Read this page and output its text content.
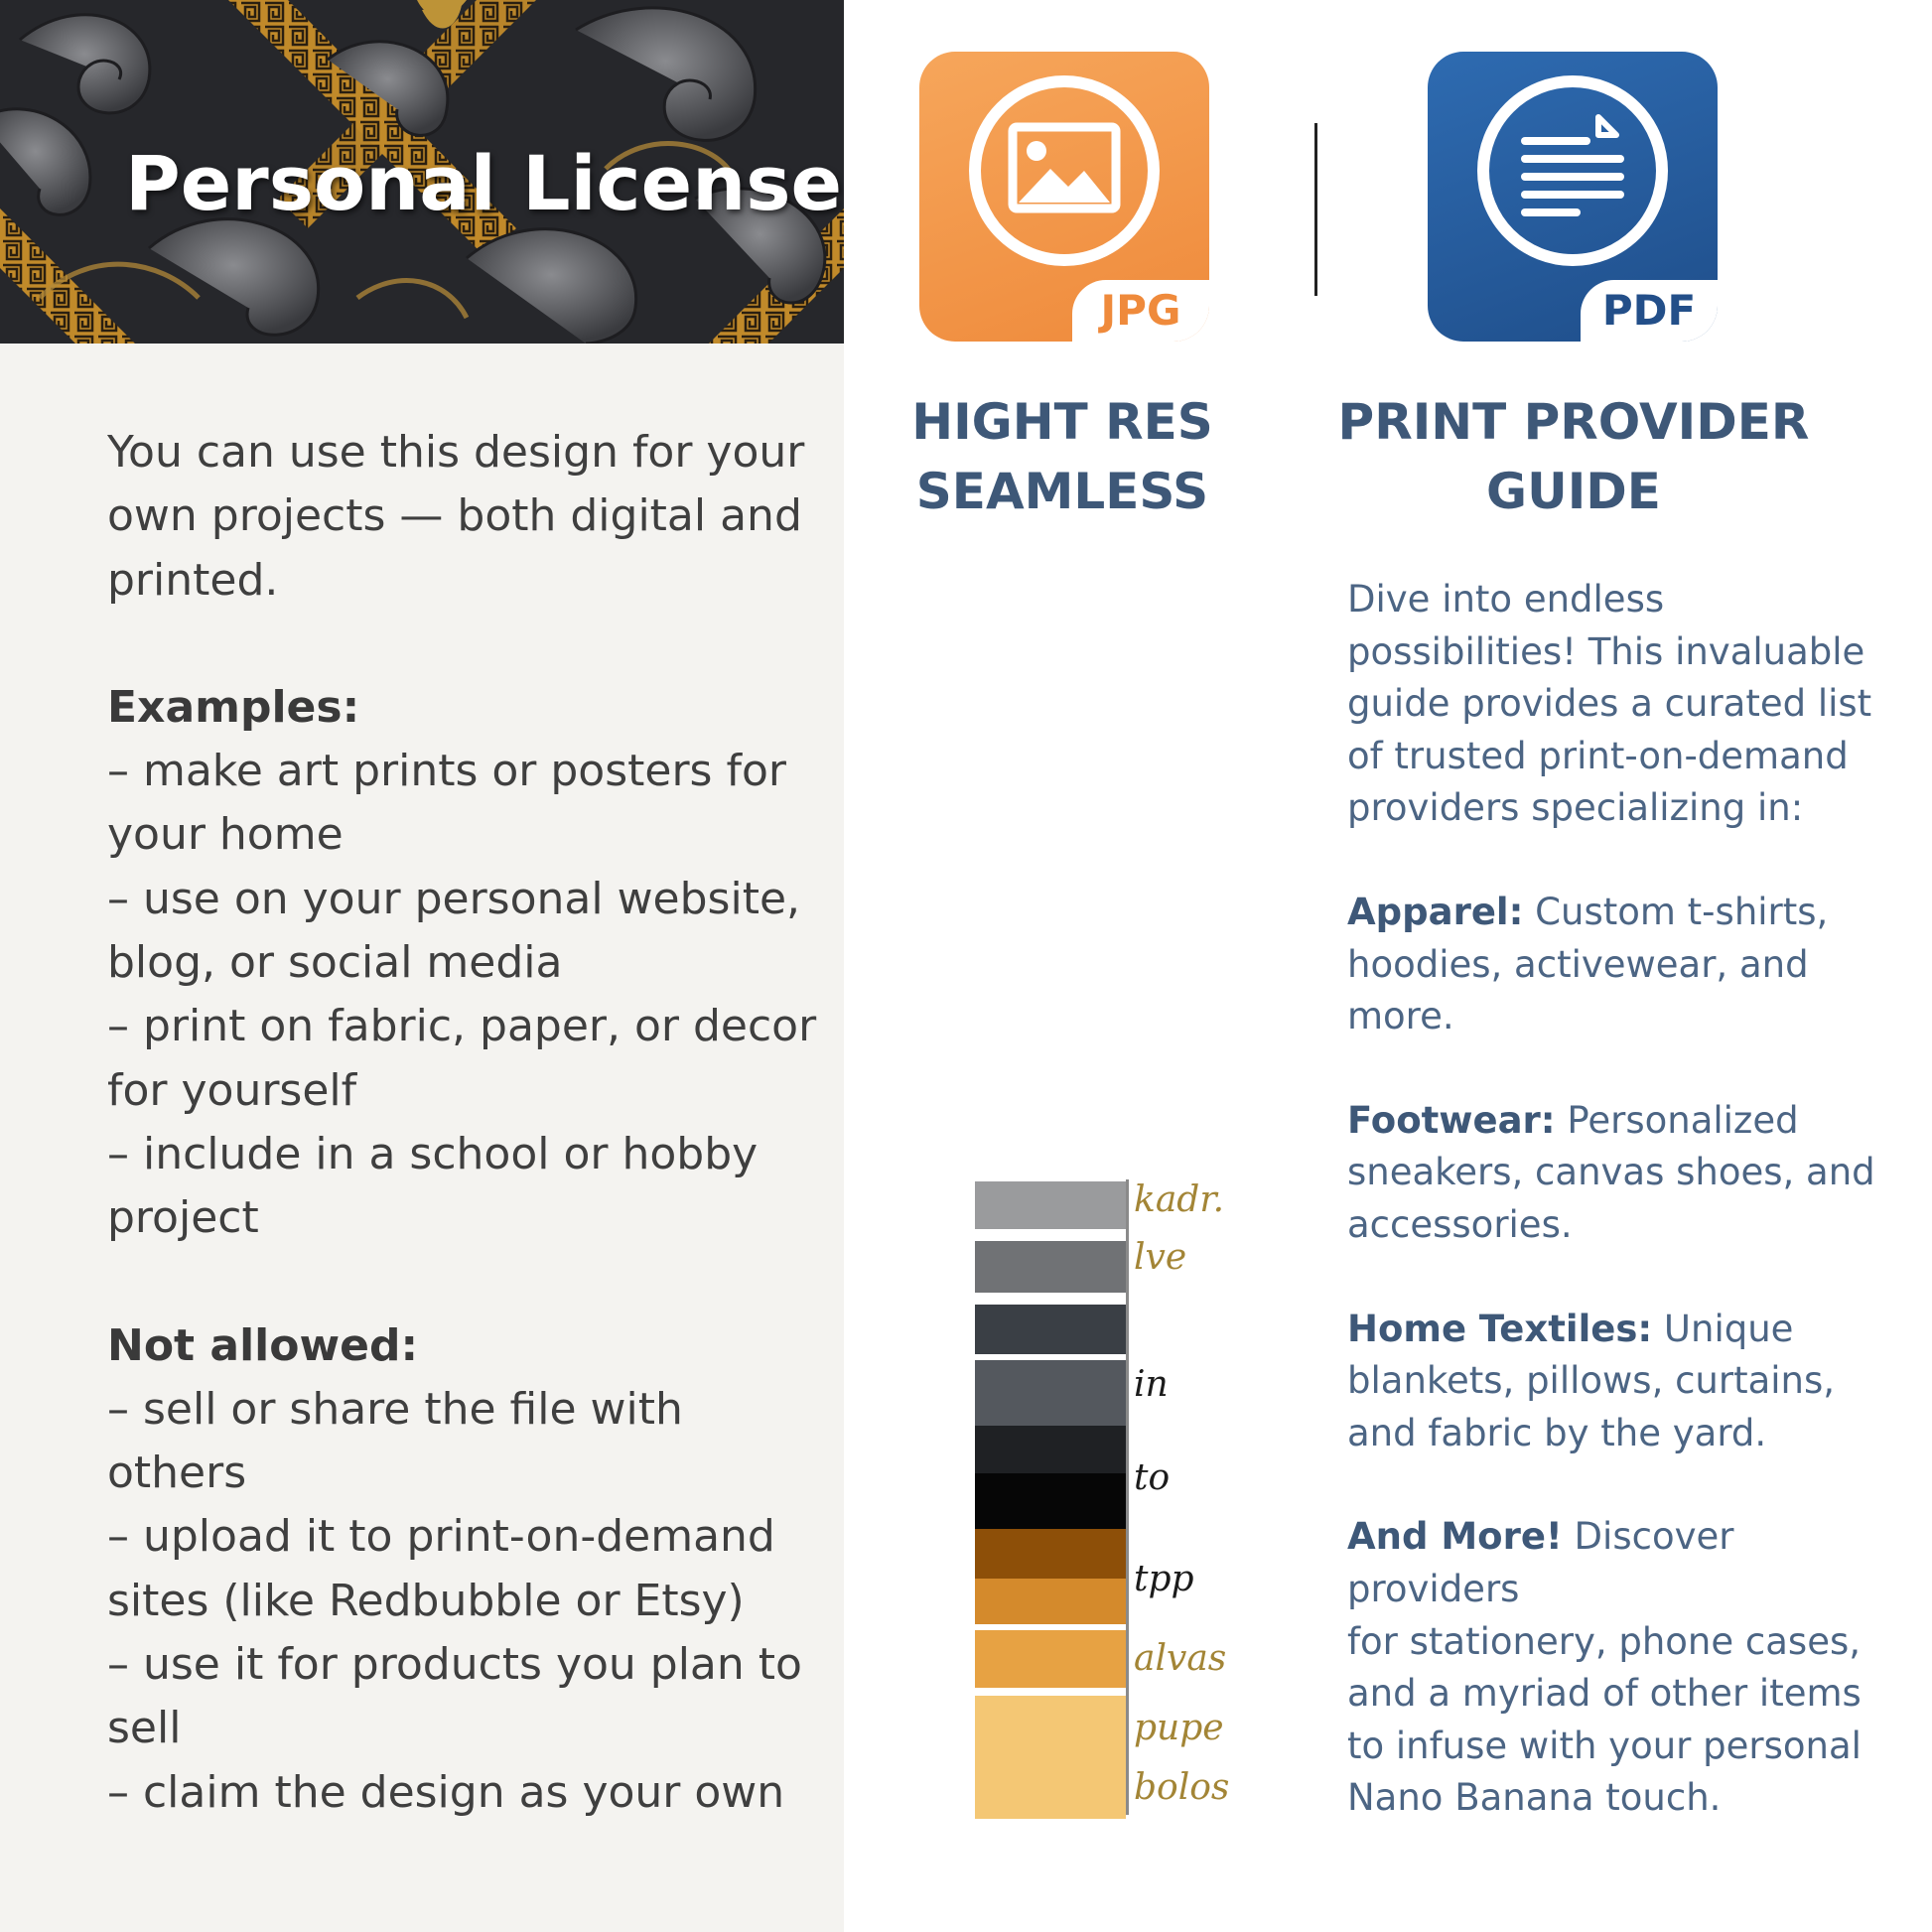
Personal License

You can use this design for your

own projects — both digital and

printed.

Examples:

– make art prints or posters for

your home

– use on your personal website,

blog, or social media

– print on fabric, paper, or decor

for yourself

– include in a school or hobby

project

Not allowed:

– sell or share the file with others

– upload it to print-on-demand

sites (like Redbubble or Etsy)

– use it for products you plan to

sell

– claim the design as your own

JPG	PDF
HIGHT RES
SEAMLESS
PRINT PROVIDER
GUIDE
kadr.
lve
in
to
tpp
alvas
pupe
bolos

Dive into endless

possibilities! This invaluable

guide provides a curated list

of trusted print-on-demand

providers specializing in:

Apparel: Custom t-shirts,

hoodies, activewear, and

more.

Footwear: Personalized

sneakers, canvas shoes, and

accessories.

Home Textiles: Unique

blankets, pillows, curtains,

and fabric by the yard.

And More! Discover providers

for stationery, phone cases,

and a myriad of other items

to infuse with your personal

Nano Banana touch.
